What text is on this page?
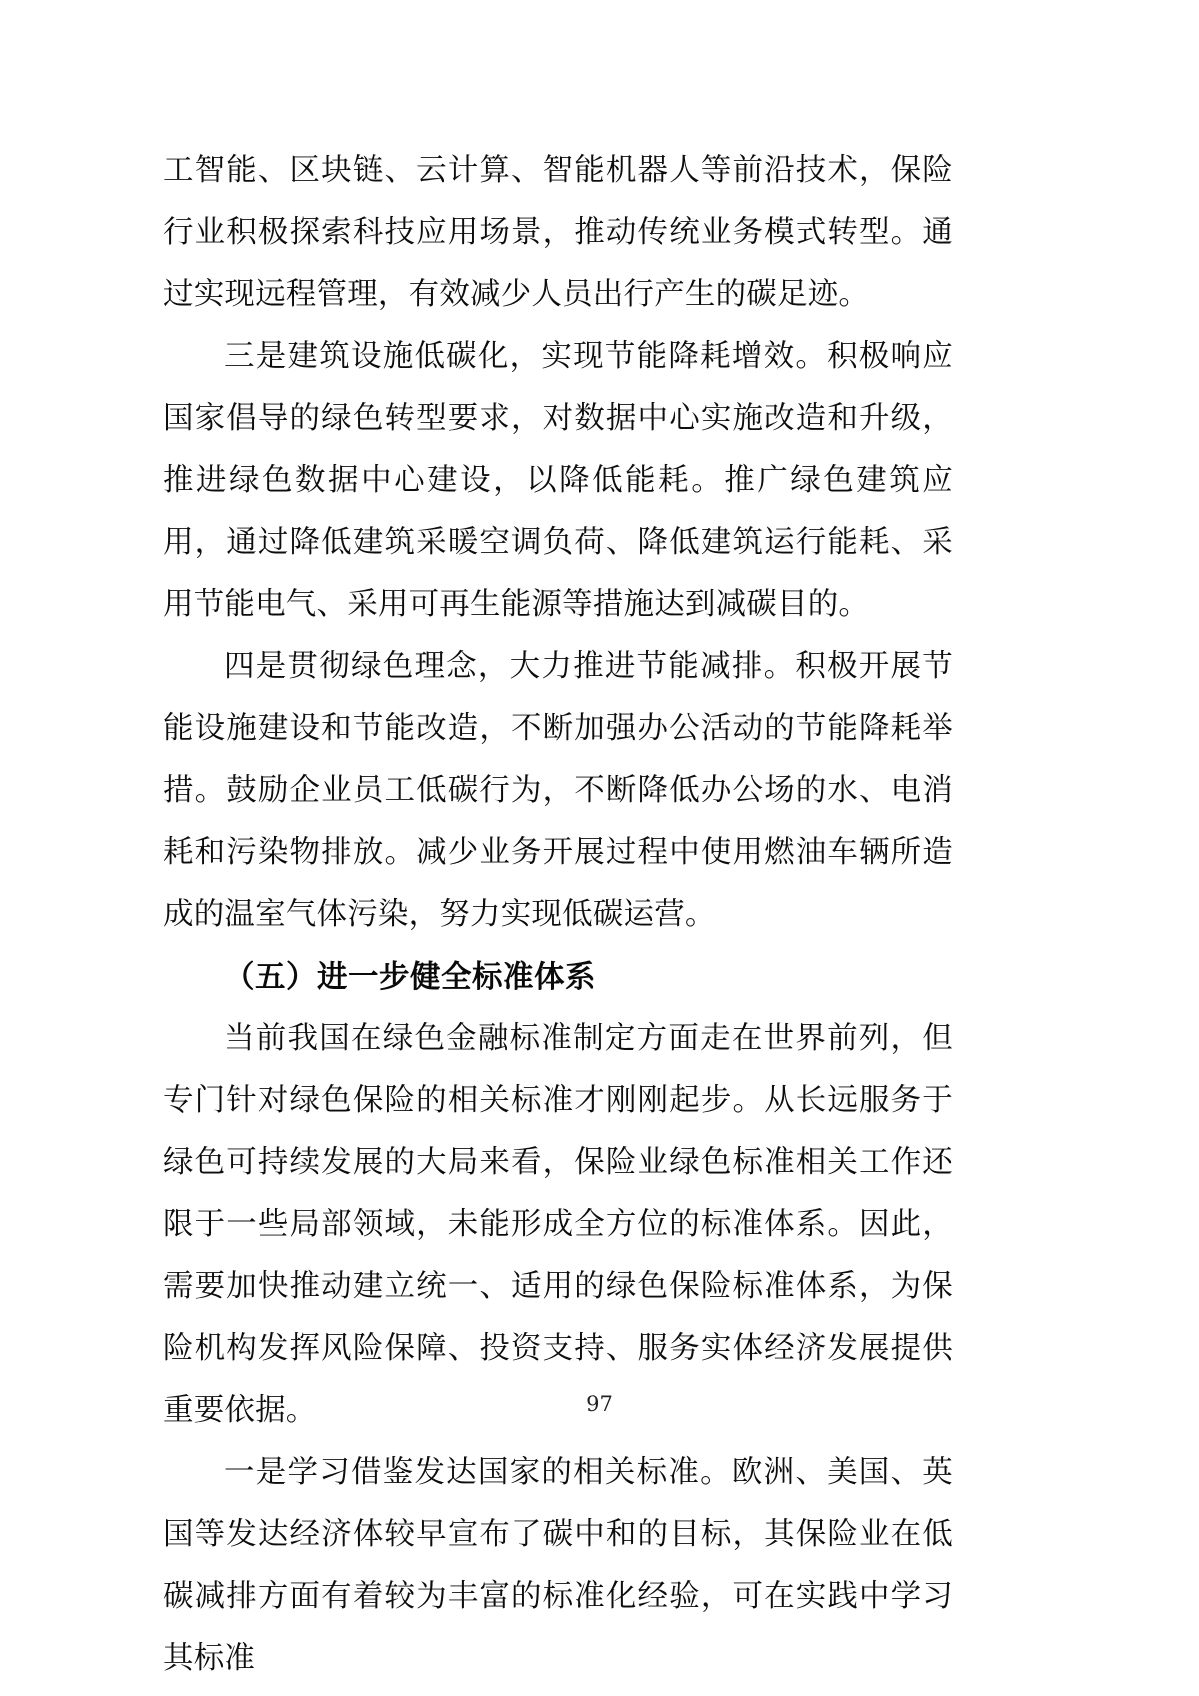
工智能、区块链、云计算、智能机器人等前沿技术，保险行业积极探索科技应用场景，推动传统业务模式转型。通过实现远程管理，有效减少人员出行产生的碳足迹。

三是建筑设施低碳化，实现节能降耗增效。积极响应国家倡导的绿色转型要求，对数据中心实施改造和升级，推进绿色数据中心建设，以降低能耗。推广绿色建筑应用，通过降低建筑采暖空调负荷、降低建筑运行能耗、采用节能电气、采用可再生能源等措施达到减碳目的。

四是贯彻绿色理念，大力推进节能减排。积极开展节能设施建设和节能改造，不断加强办公活动的节能降耗举措。鼓励企业员工低碳行为，不断降低办公场的水、电消耗和污染物排放。减少业务开展过程中使用燃油车辆所造成的温室气体污染，努力实现低碳运营。

（五）进一步健全标准体系

当前我国在绿色金融标准制定方面走在世界前列，但专门针对绿色保险的相关标准才刚刚起步。从长远服务于绿色可持续发展的大局来看，保险业绿色标准相关工作还限于一些局部领域，未能形成全方位的标准体系。因此，需要加快推动建立统一、适用的绿色保险标准体系，为保险机构发挥风险保障、投资支持、服务实体经济发展提供重要依据。

一是学习借鉴发达国家的相关标准。欧洲、美国、英国等发达经济体较早宣布了碳中和的目标，其保险业在低碳减排方面有着较为丰富的标准化经验，可在实践中学习其标准

97
